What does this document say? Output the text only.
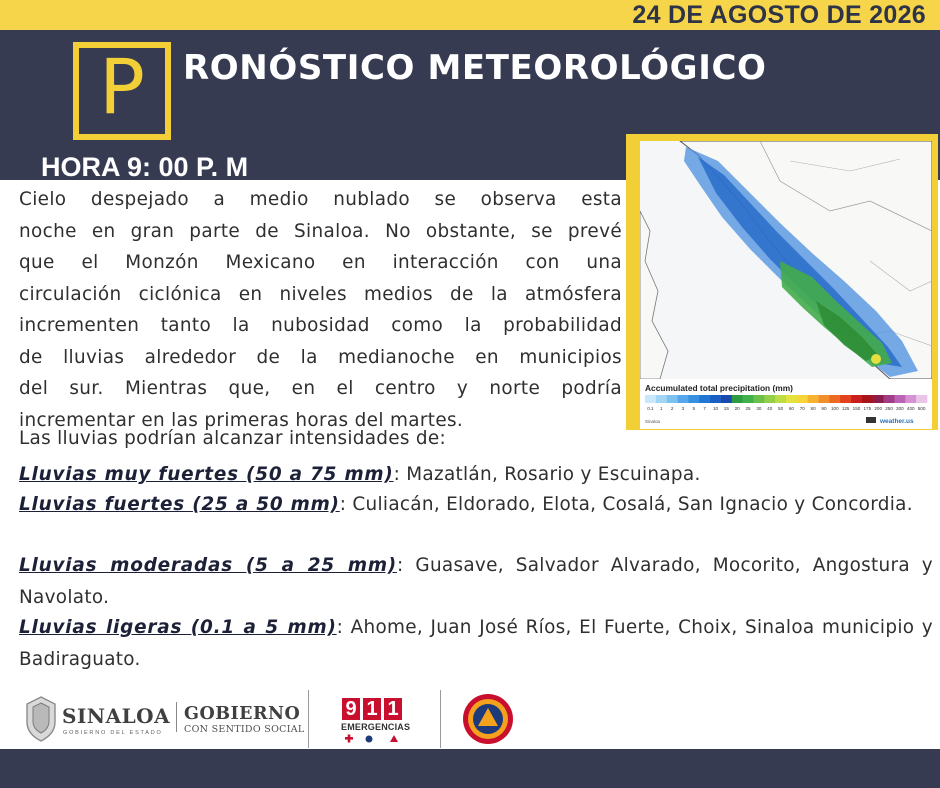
24 DE AGOSTO DE 2026
P	RONÓSTICO METEOROLÓGICO
HORA 9: 00 P. M
Accumulated total precipitation (mm)
0.1 1 2 3 5 7 10 15 20 25 30 40 50 60 70 80 90 100 125 150 175 200 250 300 400 500
Sinaloa	weather.us
Cielo despejado a medio nublado se observa esta
noche en gran parte de Sinaloa. No obstante, se prevé
que el Monzón Mexicano en interacción con una
circulación ciclónica en niveles medios de la atmósfera
incrementen tanto la nubosidad como la probabilidad
de lluvias alrededor de la medianoche en municipios
del sur. Mientras que, en el centro y norte podría
incrementar en las primeras horas del martes.
Las lluvias podrían alcanzar intensidades de:
Lluvias muy fuertes (50 a 75 mm): Mazatlán, Rosario y Escuinapa.
Lluvias fuertes (25 a 50 mm): Culiacán, Eldorado, Elota, Cosalá, San Ignacio y Concordia.
Lluvias moderadas (5 a 25 mm): Guasave, Salvador Alvarado, Mocorito, Angostura y Navolato.
Lluvias ligeras (0.1 a 5 mm): Ahome, Juan José Ríos, El Fuerte, Choix, Sinaloa municipio y Badiraguato.
SINALOA
GOBIERNO DEL ESTADO
GOBIERNO
CON SENTIDO SOCIAL
9 1 1
EMERGENCIAS
